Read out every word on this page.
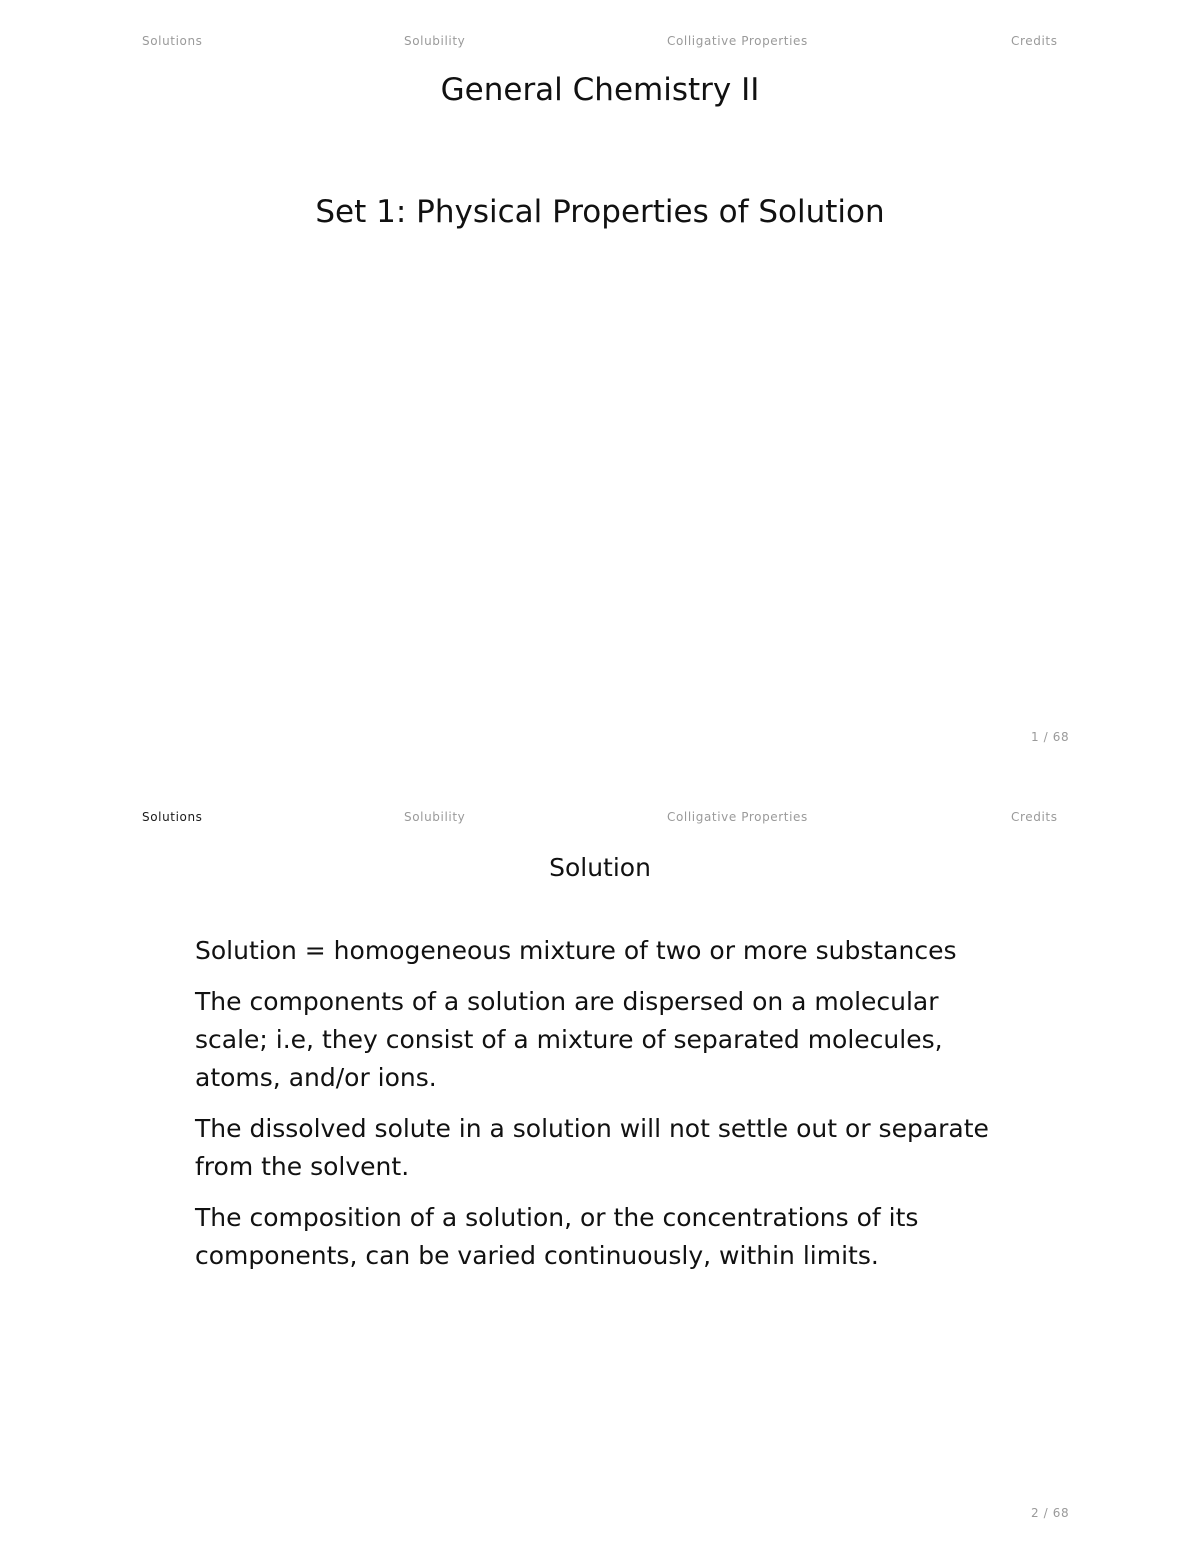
Solutions	Solubility	Colligative Properties	Credits
General Chemistry II
Set 1: Physical Properties of Solution
1 / 68
Solutions	Solubility	Colligative Properties	Credits
Solution
Solution = homogeneous mixture of two or more substances
The components of a solution are dispersed on a molecular scale; i.e, they consist of a mixture of separated molecules, atoms, and/or ions.
The dissolved solute in a solution will not settle out or separate from the solvent.
The composition of a solution, or the concentrations of its components, can be varied continuously, within limits.
2 / 68
